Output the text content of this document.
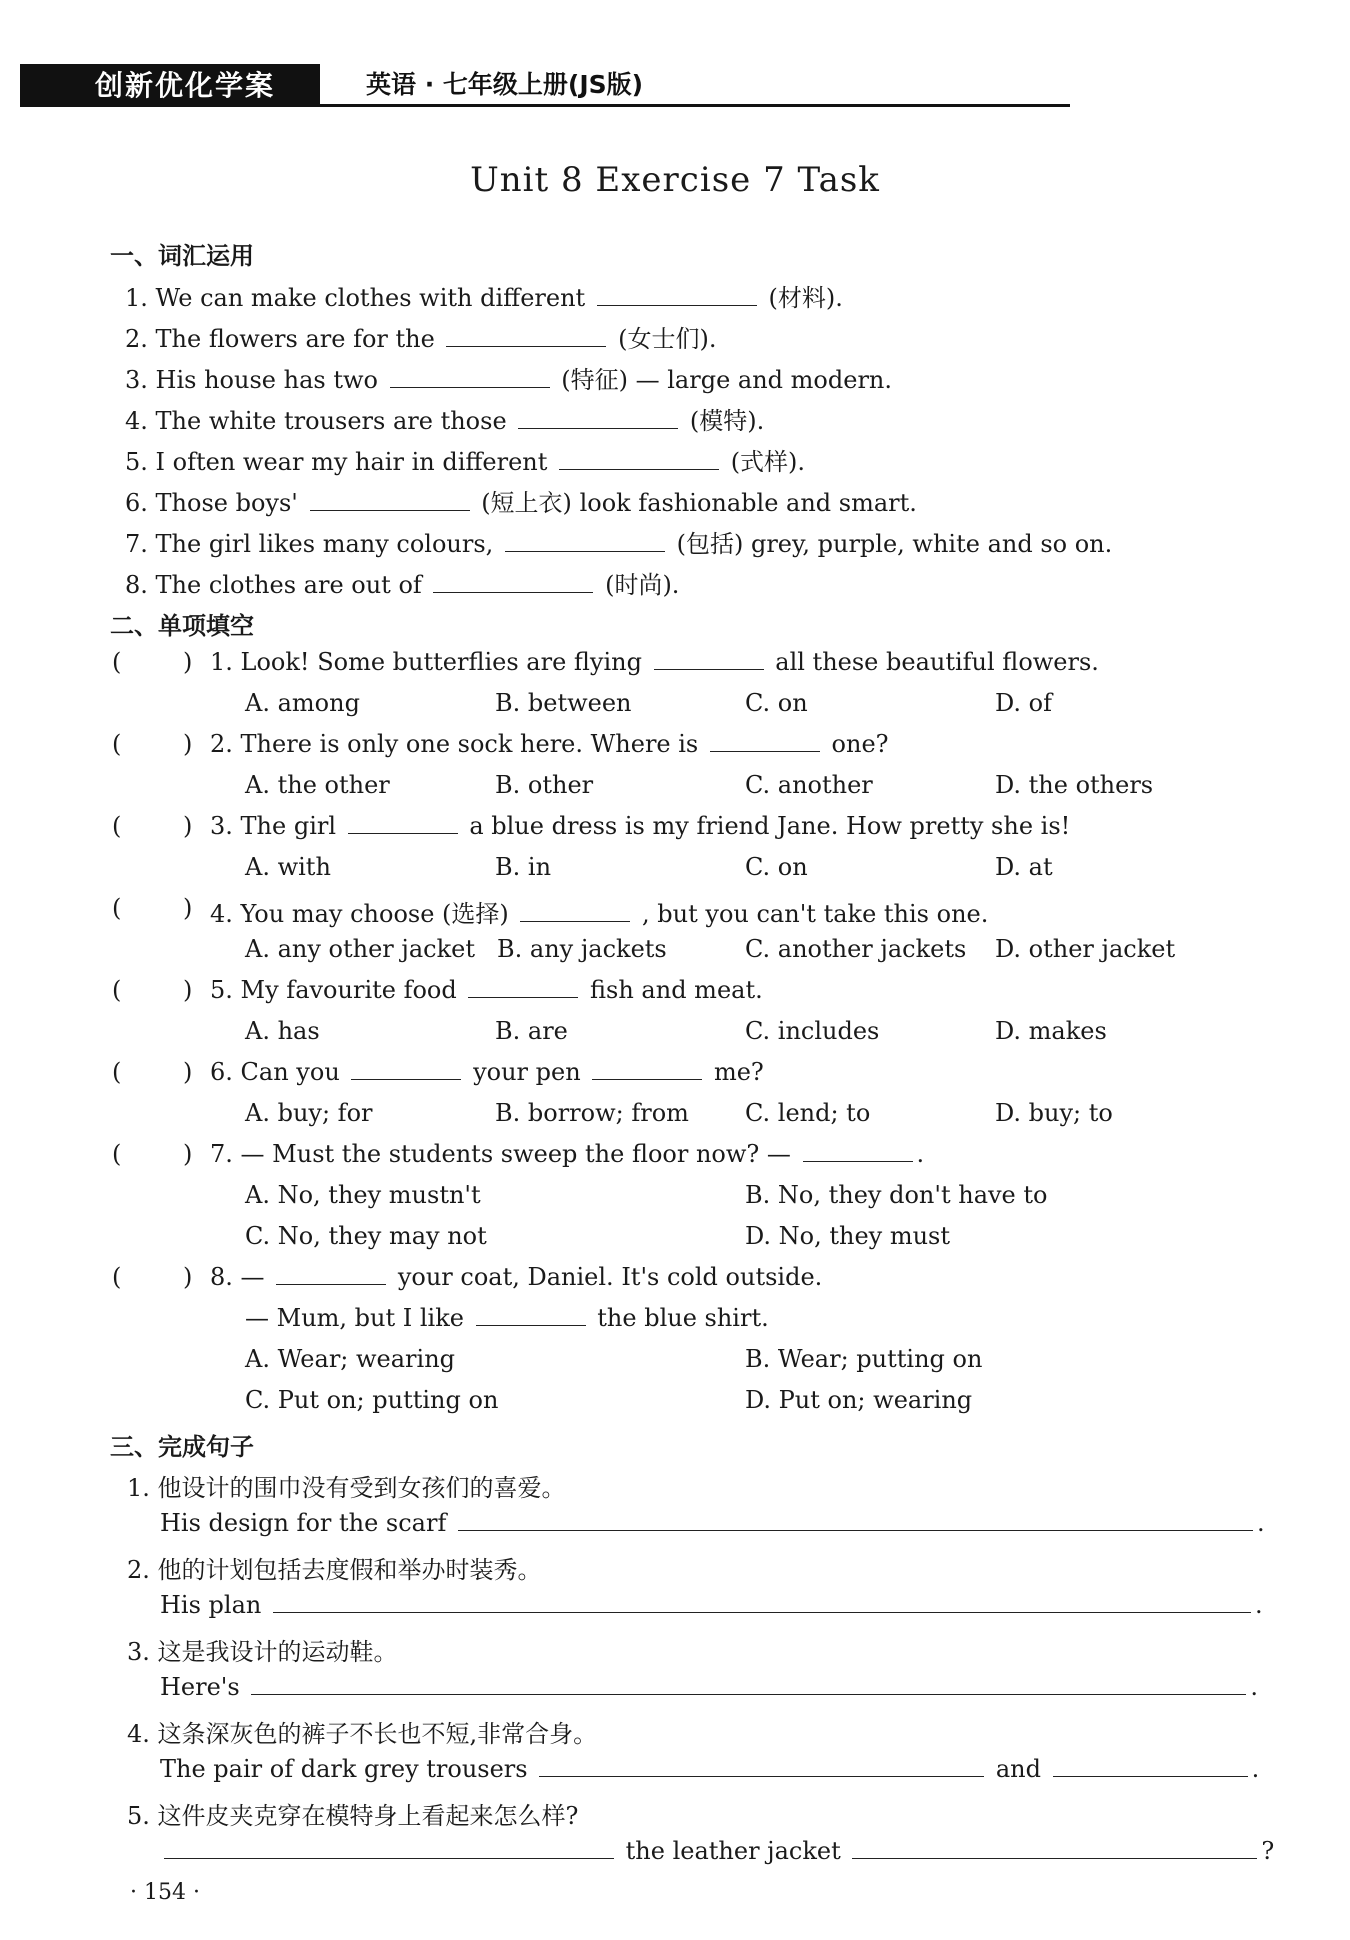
创新优化学案	英语 · 七年级上册(JS版)
Unit 8 Exercise 7 Task
一、词汇运用
1. We can make clothes with different	(材料).
2. The flowers are for the	(女士们).
3. His house has two	(特征) — large and modern.
4. The white trousers are those	(模特).
5. I often wear my hair in different	(式样).
6. Those boys'	(短上衣) look fashionable and smart.
7. The girl likes many colours,	(包括) grey, purple, white and so on.
8. The clothes are out of	(时尚).
二、单项填空
(	) 1. Look! Some butterflies are flying	all these beautiful flowers.
A. among	B. between	C. on	D. of
(	) 2. There is only one sock here. Where is	one?
A. the other	B. other	C. another	D. the others
(	) 3. The girl	a blue dress is my friend Jane. How pretty she is!
A. with	B. in	C. on	D. at
(	) 4. You may choose (选择)	, but you can't take this one.
A. any other jacket B. any jackets	C. another jackets D. other jacket
(	) 5. My favourite food	fish and meat.
A. has	B. are	C. includes	D. makes
(	) 6. Can you	your pen	me?
A. buy; for	B. borrow; from C. lend; to	D. buy; to
(	) 7. — Must the students sweep the floor now? —	.
A. No, they mustn't	B. No, they don't have to
C. No, they may not	D. No, they must
(	) 8. —	your coat, Daniel. It's cold outside.
— Mum, but I like	the blue shirt.
A. Wear; wearing	B. Wear; putting on
C. Put on; putting on	D. Put on; wearing
三、完成句子
1. 他设计的围巾没有受到女孩们的喜爱。
His design for the scarf	.
2. 他的计划包括去度假和举办时装秀。
His plan	.
3. 这是我设计的运动鞋。
Here's	.
4. 这条深灰色的裤子不长也不短,非常合身。
The pair of dark grey trousers	and	.
5. 这件皮夹克穿在模特身上看起来怎么样?
the leather jacket	?
· 154 ·
